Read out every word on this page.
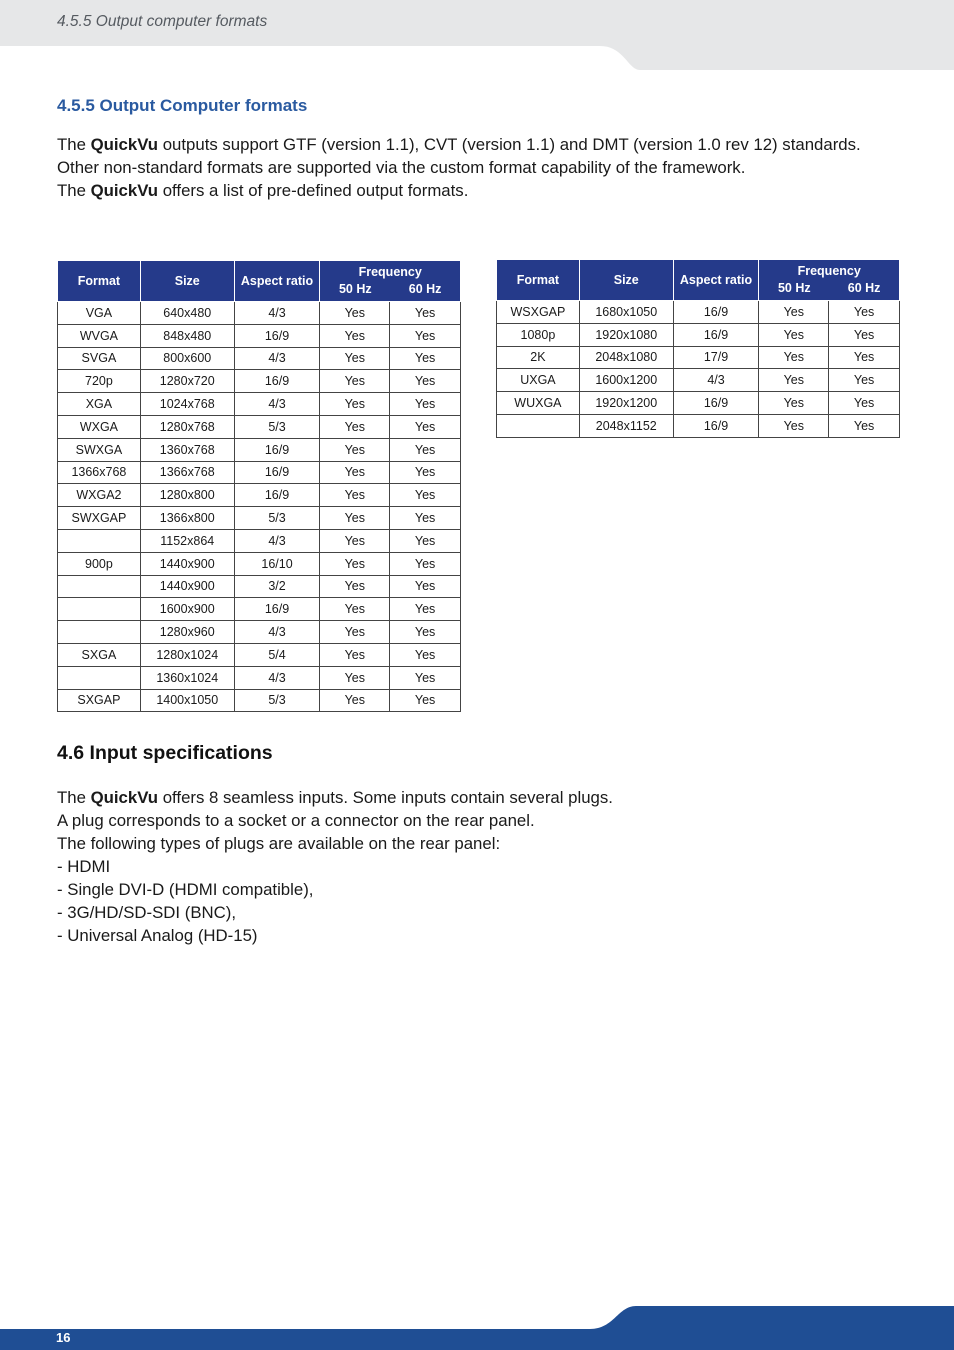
4.5.5 Output computer formats
4.5.5 Output Computer formats
The QuickVu outputs support GTF (version 1.1), CVT (version 1.1) and DMT (version 1.0 rev 12) standards.
Other non-standard formats are supported via the custom format capability of the framework.
The QuickVu offers a list of pre-defined output formats.
Format	Size	Aspect ratio	Frequency
50 Hz 60 Hz	

VGA	640x480	4/3	Yes	Yes
WVGA	848x480	16/9	Yes	Yes
SVGA	800x600	4/3	Yes	Yes
720p	1280x720	16/9	Yes	Yes
XGA	1024x768	4/3	Yes	Yes
WXGA	1280x768	5/3	Yes	Yes
SWXGA	1360x768	16/9	Yes	Yes
1366x768	1366x768	16/9	Yes	Yes
WXGA2	1280x800	16/9	Yes	Yes
SWXGAP	1366x800	5/3	Yes	Yes
	1152x864	4/3	Yes	Yes
900p	1440x900	16/10	Yes	Yes
	1440x900	3/2	Yes	Yes
	1600x900	16/9	Yes	Yes
	1280x960	4/3	Yes	Yes
SXGA	1280x1024	5/4	Yes	Yes
	1360x1024	4/3	Yes	Yes
SXGAP	1400x1050	5/3	Yes	Yes
Format	Size	Aspect ratio	Frequency
50 Hz 60 Hz	

WSXGAP	1680x1050	16/9	Yes	Yes
1080p	1920x1080	16/9	Yes	Yes
2K	2048x1080	17/9	Yes	Yes
UXGA	1600x1200	4/3	Yes	Yes
WUXGA	1920x1200	16/9	Yes	Yes
	2048x1152	16/9	Yes	Yes
4.6 Input specifications
The QuickVu offers 8 seamless inputs. Some inputs contain several plugs.
A plug corresponds to a socket or a connector on the rear panel.
The following types of plugs are available on the rear panel:
- HDMI
- Single DVI-D (HDMI compatible),
- 3G/HD/SD-SDI (BNC),
- Universal Analog (HD-15)
16
